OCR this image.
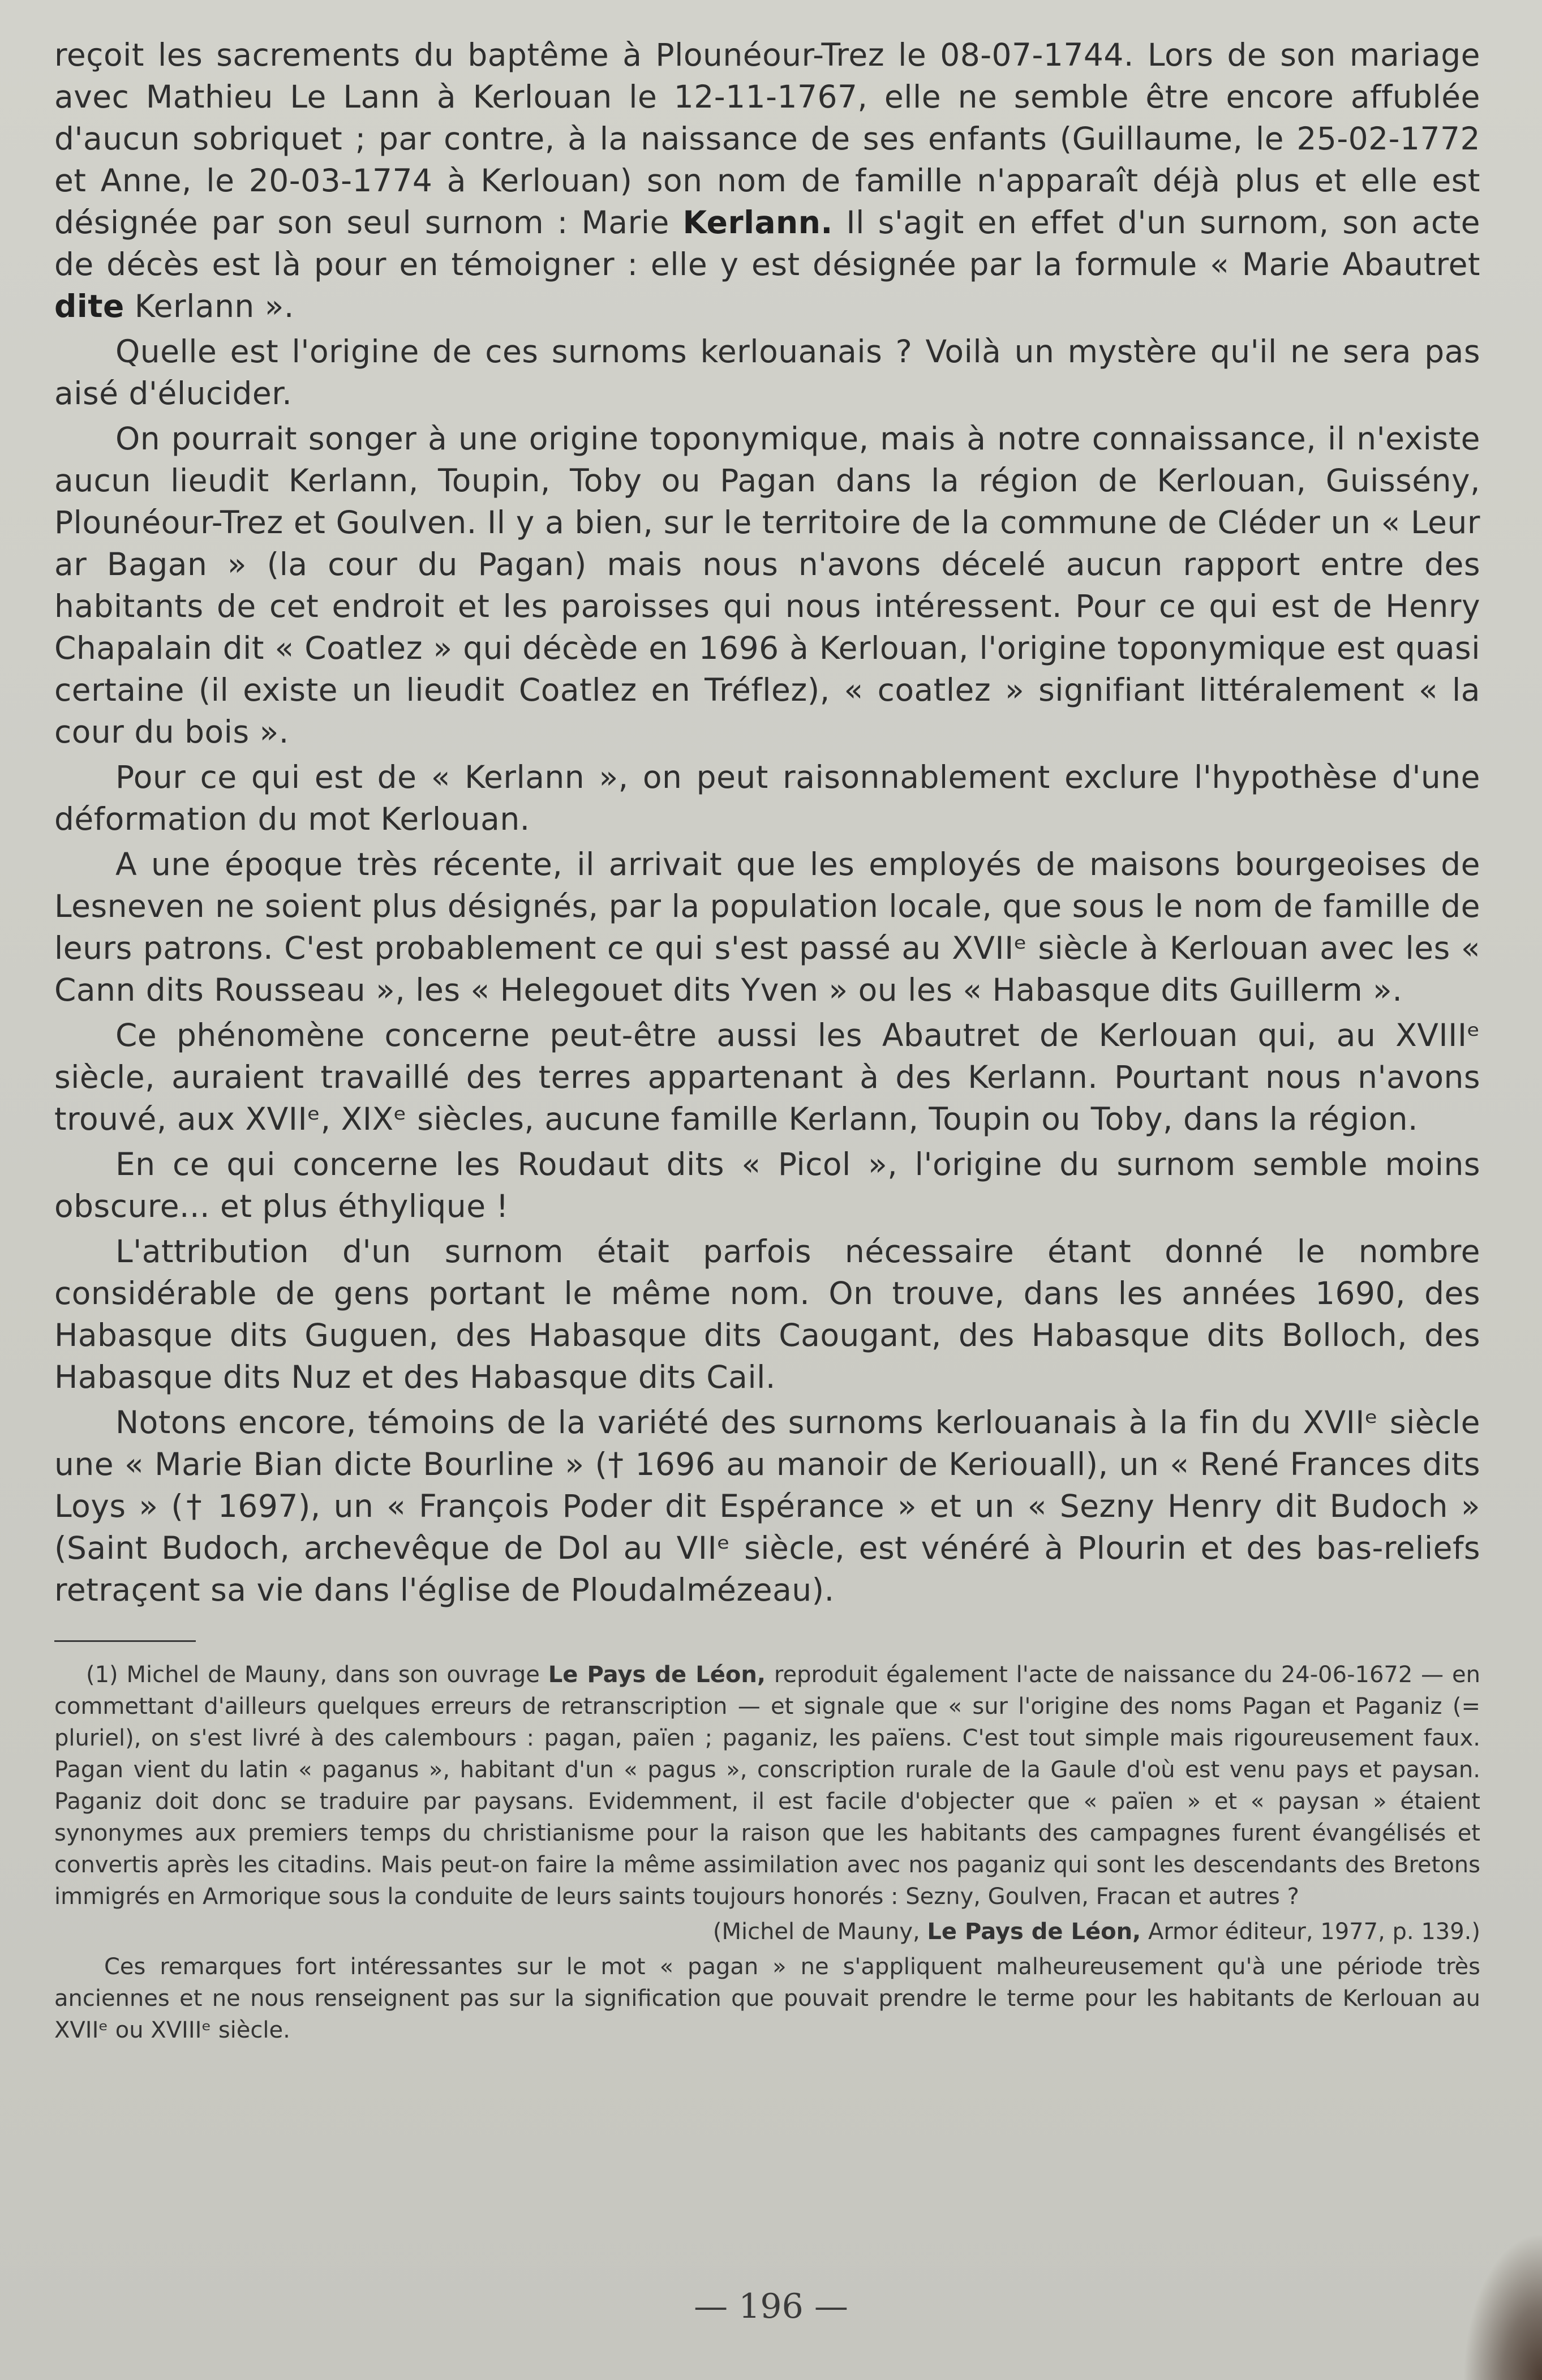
reçoit les sacrements du baptême à Plounéour-Trez le 08-07-1744. Lors de son mariage avec Mathieu Le Lann à Kerlouan le 12-11-1767, elle ne semble être encore affublée d'aucun sobriquet ; par contre, à la naissance de ses enfants (Guillaume, le 25-02-1772 et Anne, le 20-03-1774 à Kerlouan) son nom de famille n'apparaît déjà plus et elle est désignée par son seul surnom : Marie Kerlann. Il s'agit en effet d'un surnom, son acte de décès est là pour en témoigner : elle y est désignée par la formule « Marie Abautret dite Kerlann ».

Quelle est l'origine de ces surnoms kerlouanais ? Voilà un mystère qu'il ne sera pas aisé d'élucider.

On pourrait songer à une origine toponymique, mais à notre connaissance, il n'existe aucun lieudit Kerlann, Toupin, Toby ou Pagan dans la région de Kerlouan, Guissény, Plounéour-Trez et Goulven. Il y a bien, sur le territoire de la commune de Cléder un « Leur ar Bagan » (la cour du Pagan) mais nous n'avons décelé aucun rapport entre des habitants de cet endroit et les paroisses qui nous intéressent. Pour ce qui est de Henry Chapalain dit « Coatlez » qui décède en 1696 à Kerlouan, l'origine toponymique est quasi certaine (il existe un lieudit Coatlez en Tréflez), « coatlez » signifiant littéralement « la cour du bois ».

Pour ce qui est de « Kerlann », on peut raisonnablement exclure l'hypothèse d'une déformation du mot Kerlouan.

A une époque très récente, il arrivait que les employés de maisons bourgeoises de Lesneven ne soient plus désignés, par la population locale, que sous le nom de famille de leurs patrons. C'est probablement ce qui s'est passé au XVIIᵉ siècle à Kerlouan avec les « Cann dits Rousseau », les « Helegouet dits Yven » ou les « Habasque dits Guillerm ».

Ce phénomène concerne peut-être aussi les Abautret de Kerlouan qui, au XVIIIᵉ siècle, auraient travaillé des terres appartenant à des Kerlann. Pourtant nous n'avons trouvé, aux XVIIᵉ, XIXᵉ siècles, aucune famille Kerlann, Toupin ou Toby, dans la région.

En ce qui concerne les Roudaut dits « Picol », l'origine du surnom semble moins obscure... et plus éthylique !

L'attribution d'un surnom était parfois nécessaire étant donné le nombre considérable de gens portant le même nom. On trouve, dans les années 1690, des Habasque dits Guguen, des Habasque dits Caougant, des Habasque dits Bolloch, des Habasque dits Nuz et des Habasque dits Cail.

Notons encore, témoins de la variété des surnoms kerlouanais à la fin du XVIIᵉ siècle une « Marie Bian dicte Bourline » († 1696 au manoir de Keriouall), un « René Frances dits Loys » († 1697), un « François Poder dit Espérance » et un « Sezny Henry dit Budoch » (Saint Budoch, archevêque de Dol au VIIᵉ siècle, est vénéré à Plourin et des bas-reliefs retraçent sa vie dans l'église de Ploudalmézeau).

(1) Michel de Mauny, dans son ouvrage Le Pays de Léon, reproduit également l'acte de naissance du 24-06-1672 — en commettant d'ailleurs quelques erreurs de retranscription — et signale que « sur l'origine des noms Pagan et Paganiz (= pluriel), on s'est livré à des calembours : pagan, païen ; paganiz, les païens. C'est tout simple mais rigoureusement faux. Pagan vient du latin « paganus », habitant d'un « pagus », conscription rurale de la Gaule d'où est venu pays et paysan. Paganiz doit donc se traduire par paysans. Evidemment, il est facile d'objecter que « païen » et « paysan » étaient synonymes aux premiers temps du christianisme pour la raison que les habitants des campagnes furent évangélisés et convertis après les citadins. Mais peut-on faire la même assimilation avec nos paganiz qui sont les descendants des Bretons immigrés en Armorique sous la conduite de leurs saints toujours honorés : Sezny, Goulven, Fracan et autres ?

(Michel de Mauny, Le Pays de Léon, Armor éditeur, 1977, p. 139.)

Ces remarques fort intéressantes sur le mot « pagan » ne s'appliquent malheureusement qu'à une période très anciennes et ne nous renseignent pas sur la signification que pouvait prendre le terme pour les habitants de Kerlouan au XVIIᵉ ou XVIIIᵉ siècle.

— 196 —
